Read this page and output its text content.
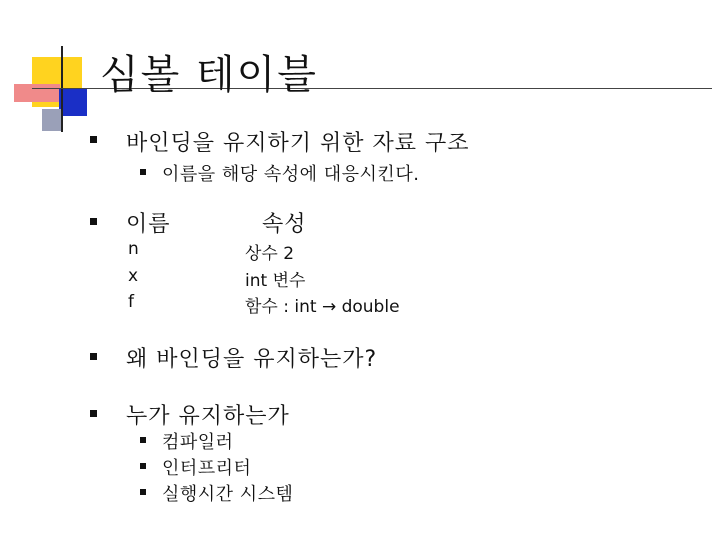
심볼 테이블
바인딩을 유지하기 위한 자료 구조
이름을 해당 속성에 대응시킨다.
이름	속성
n	상수 2
x	int 변수
f	함수 : int → double
왜 바인딩을 유지하는가?
누가 유지하는가
컴파일러
인터프리터
실행시간 시스템
